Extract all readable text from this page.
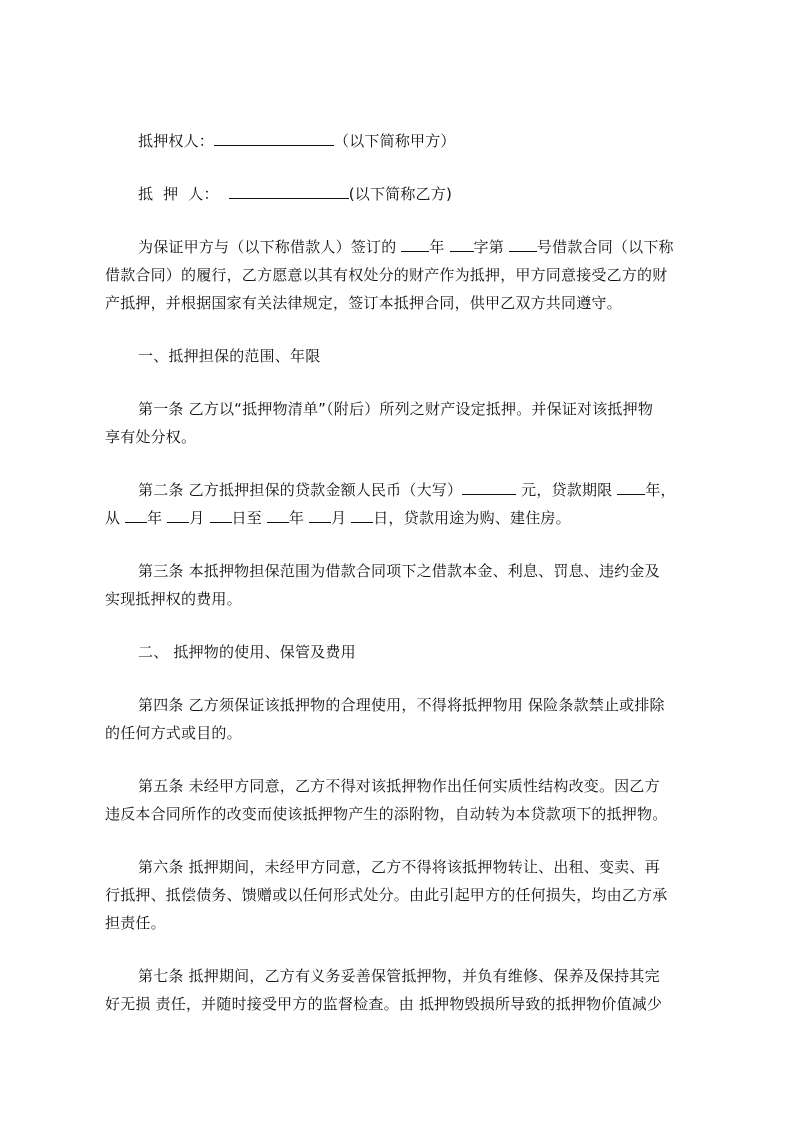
抵押权人：	（以下简称甲方）
抵  押  人：	(以下简称乙方)
为保证甲方与（以下称借款人）签订的 年 字第 号借款合同（以下称
借款合同）的履行，乙方愿意以其有权处分的财产作为抵押，甲方同意接受乙方的财
产抵押，并根据国家有关法律规定，签订本抵押合同，供甲乙双方共同遵守。
一、抵押担保的范围、年限
第一条 乙方以“抵押物清单”（附后）所列之财产设定抵押。并保证对该抵押物
享有处分权。
第二条 乙方抵押担保的贷款金额人民币（大写）	元，贷款期限 年，
从 年 月 日至 年 月 日，贷款用途为购、建住房。
第三条 本抵押物担保范围为借款合同项下之借款本金、利息、罚息、违约金及
实现抵押权的费用。
二、 抵押物的使用、保管及费用
第四条 乙方须保证该抵押物的合理使用，不得将抵押物用 保险条款禁止或排除
的任何方式或目的。
第五条 未经甲方同意，乙方不得对该抵押物作出任何实质性结构改变。因乙方
违反本合同所作的改变而使该抵押物产生的添附物，自动转为本贷款项下的抵押物。
第六条 抵押期间，未经甲方同意，乙方不得将该抵押物转让、出租、变卖、再
行抵押、抵偿债务、馈赠或以任何形式处分。由此引起甲方的任何损失，均由乙方承
担责任。
第七条 抵押期间，乙方有义务妥善保管抵押物，并负有维修、保养及保持其完
好无损 责任，并随时接受甲方的监督检查。由 抵押物毁损所导致的抵押物价值减少
